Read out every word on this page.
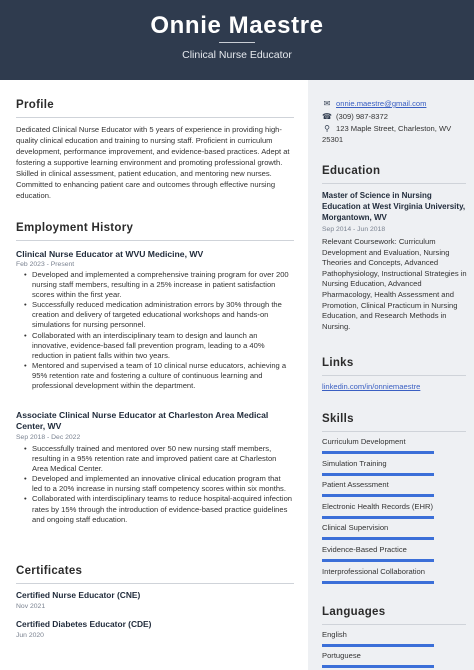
Onnie Maestre
Clinical Nurse Educator
Profile
Dedicated Clinical Nurse Educator with 5 years of experience in providing high-quality clinical education and training to nursing staff. Proficient in curriculum development, performance improvement, and evidence-based practices. Adept at fostering a supportive learning environment and promoting professional growth. Skilled in clinical assessment, patient education, and mentoring new nurses. Committed to enhancing patient care and outcomes through effective nursing education.
Employment History
Clinical Nurse Educator at WVU Medicine, WV
Feb 2023 - Present
• Developed and implemented a comprehensive training program for over 200 nursing staff members, resulting in a 25% increase in patient satisfaction scores within the first year.
• Successfully reduced medication administration errors by 30% through the creation and delivery of targeted educational workshops and hands-on simulations for nursing personnel.
• Collaborated with an interdisciplinary team to design and launch an innovative, evidence-based fall prevention program, leading to a 40% reduction in patient falls within two years.
• Mentored and supervised a team of 10 clinical nurse educators, achieving a 95% retention rate and fostering a culture of continuous learning and professional development within the department.
Associate Clinical Nurse Educator at Charleston Area Medical Center, WV
Sep 2018 - Dec 2022
• Successfully trained and mentored over 50 new nursing staff members, resulting in a 95% retention rate and improved patient care at Charleston Area Medical Center.
• Developed and implemented an innovative clinical education program that led to a 20% increase in nursing staff competency scores within six months.
• Collaborated with interdisciplinary teams to reduce hospital-acquired infection rates by 15% through the introduction of evidence-based practice guidelines and ongoing staff education.
Certificates
Certified Nurse Educator (CNE)
Nov 2021
Certified Diabetes Educator (CDE)
Jun 2020
✉ onnie.maestre@gmail.com
☎ (309) 987-8372
⚲ 123 Maple Street, Charleston, WV 25301
Education
Master of Science in Nursing Education at West Virginia University, Morgantown, WV
Sep 2014 - Jun 2018
Relevant Coursework: Curriculum Development and Evaluation, Nursing Theories and Concepts, Advanced Pathophysiology, Instructional Strategies in Nursing Education, Advanced Pharmacology, Health Assessment and Promotion, Clinical Practicum in Nursing Education, and Research Methods in Nursing.
Links
linkedin.com/in/onniemaestre
Skills
Curriculum Development
Simulation Training
Patient Assessment
Electronic Health Records (EHR)
Clinical Supervision
Evidence-Based Practice
Interprofessional Collaboration
Languages
English
Portuguese
